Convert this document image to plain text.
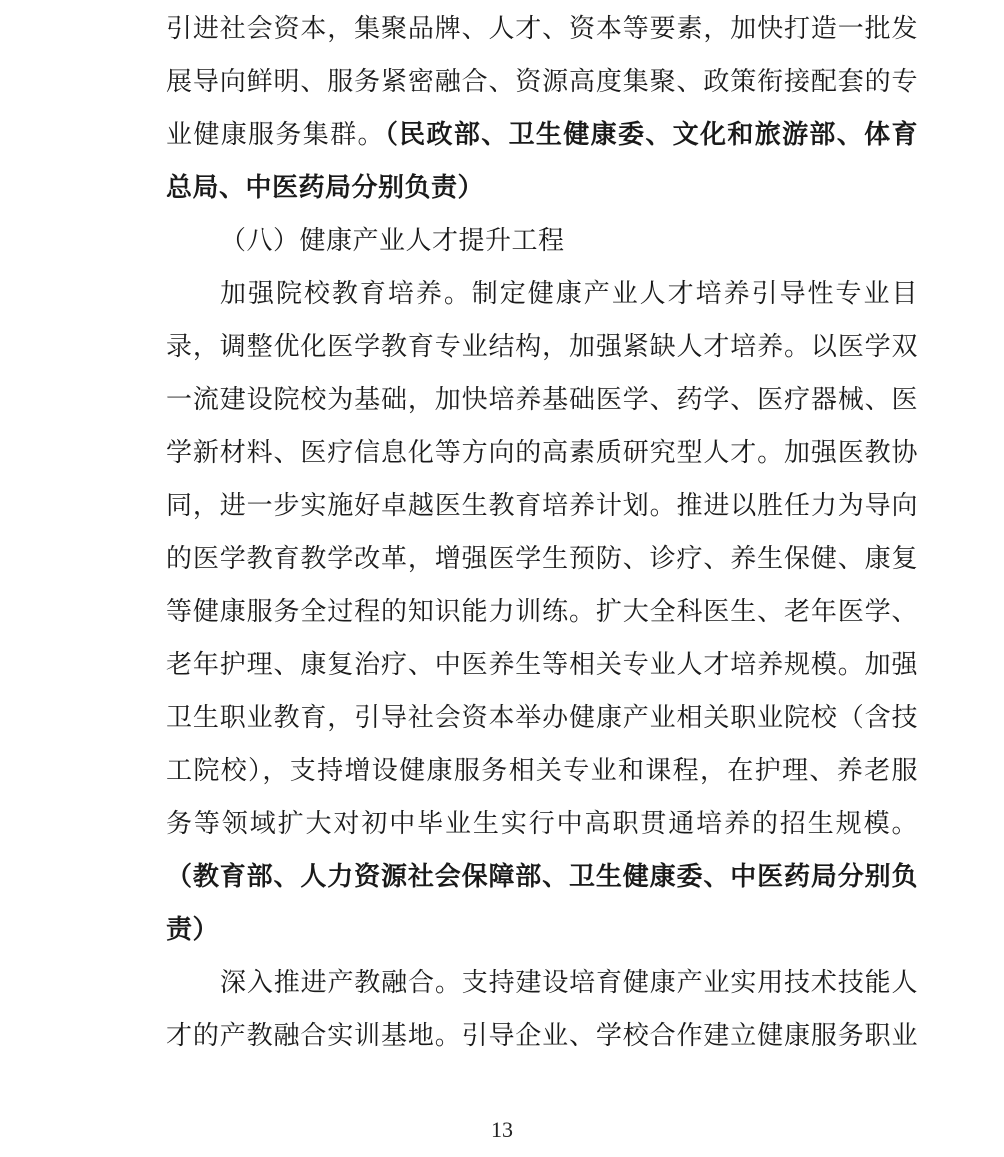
引进社会资本，集聚品牌、人才、资本等要素，加快打造一批发
展导向鲜明、服务紧密融合、资源高度集聚、政策衔接配套的专
业健康服务集群。（民政部、卫生健康委、文化和旅游部、体育
总局、中医药局分别负责）
（八）健康产业人才提升工程
加强院校教育培养。制定健康产业人才培养引导性专业目
录，调整优化医学教育专业结构，加强紧缺人才培养。以医学双
一流建设院校为基础，加快培养基础医学、药学、医疗器械、医
学新材料、医疗信息化等方向的高素质研究型人才。加强医教协
同，进一步实施好卓越医生教育培养计划。推进以胜任力为导向
的医学教育教学改革，增强医学生预防、诊疗、养生保健、康复
等健康服务全过程的知识能力训练。扩大全科医生、老年医学、
老年护理、康复治疗、中医养生等相关专业人才培养规模。加强
卫生职业教育，引导社会资本举办健康产业相关职业院校（含技
工院校），支持增设健康服务相关专业和课程，在护理、养老服
务等领域扩大对初中毕业生实行中高职贯通培养的招生规模。
（教育部、人力资源社会保障部、卫生健康委、中医药局分别负
责）
深入推进产教融合。支持建设培育健康产业实用技术技能人
才的产教融合实训基地。引导企业、学校合作建立健康服务职业
13
